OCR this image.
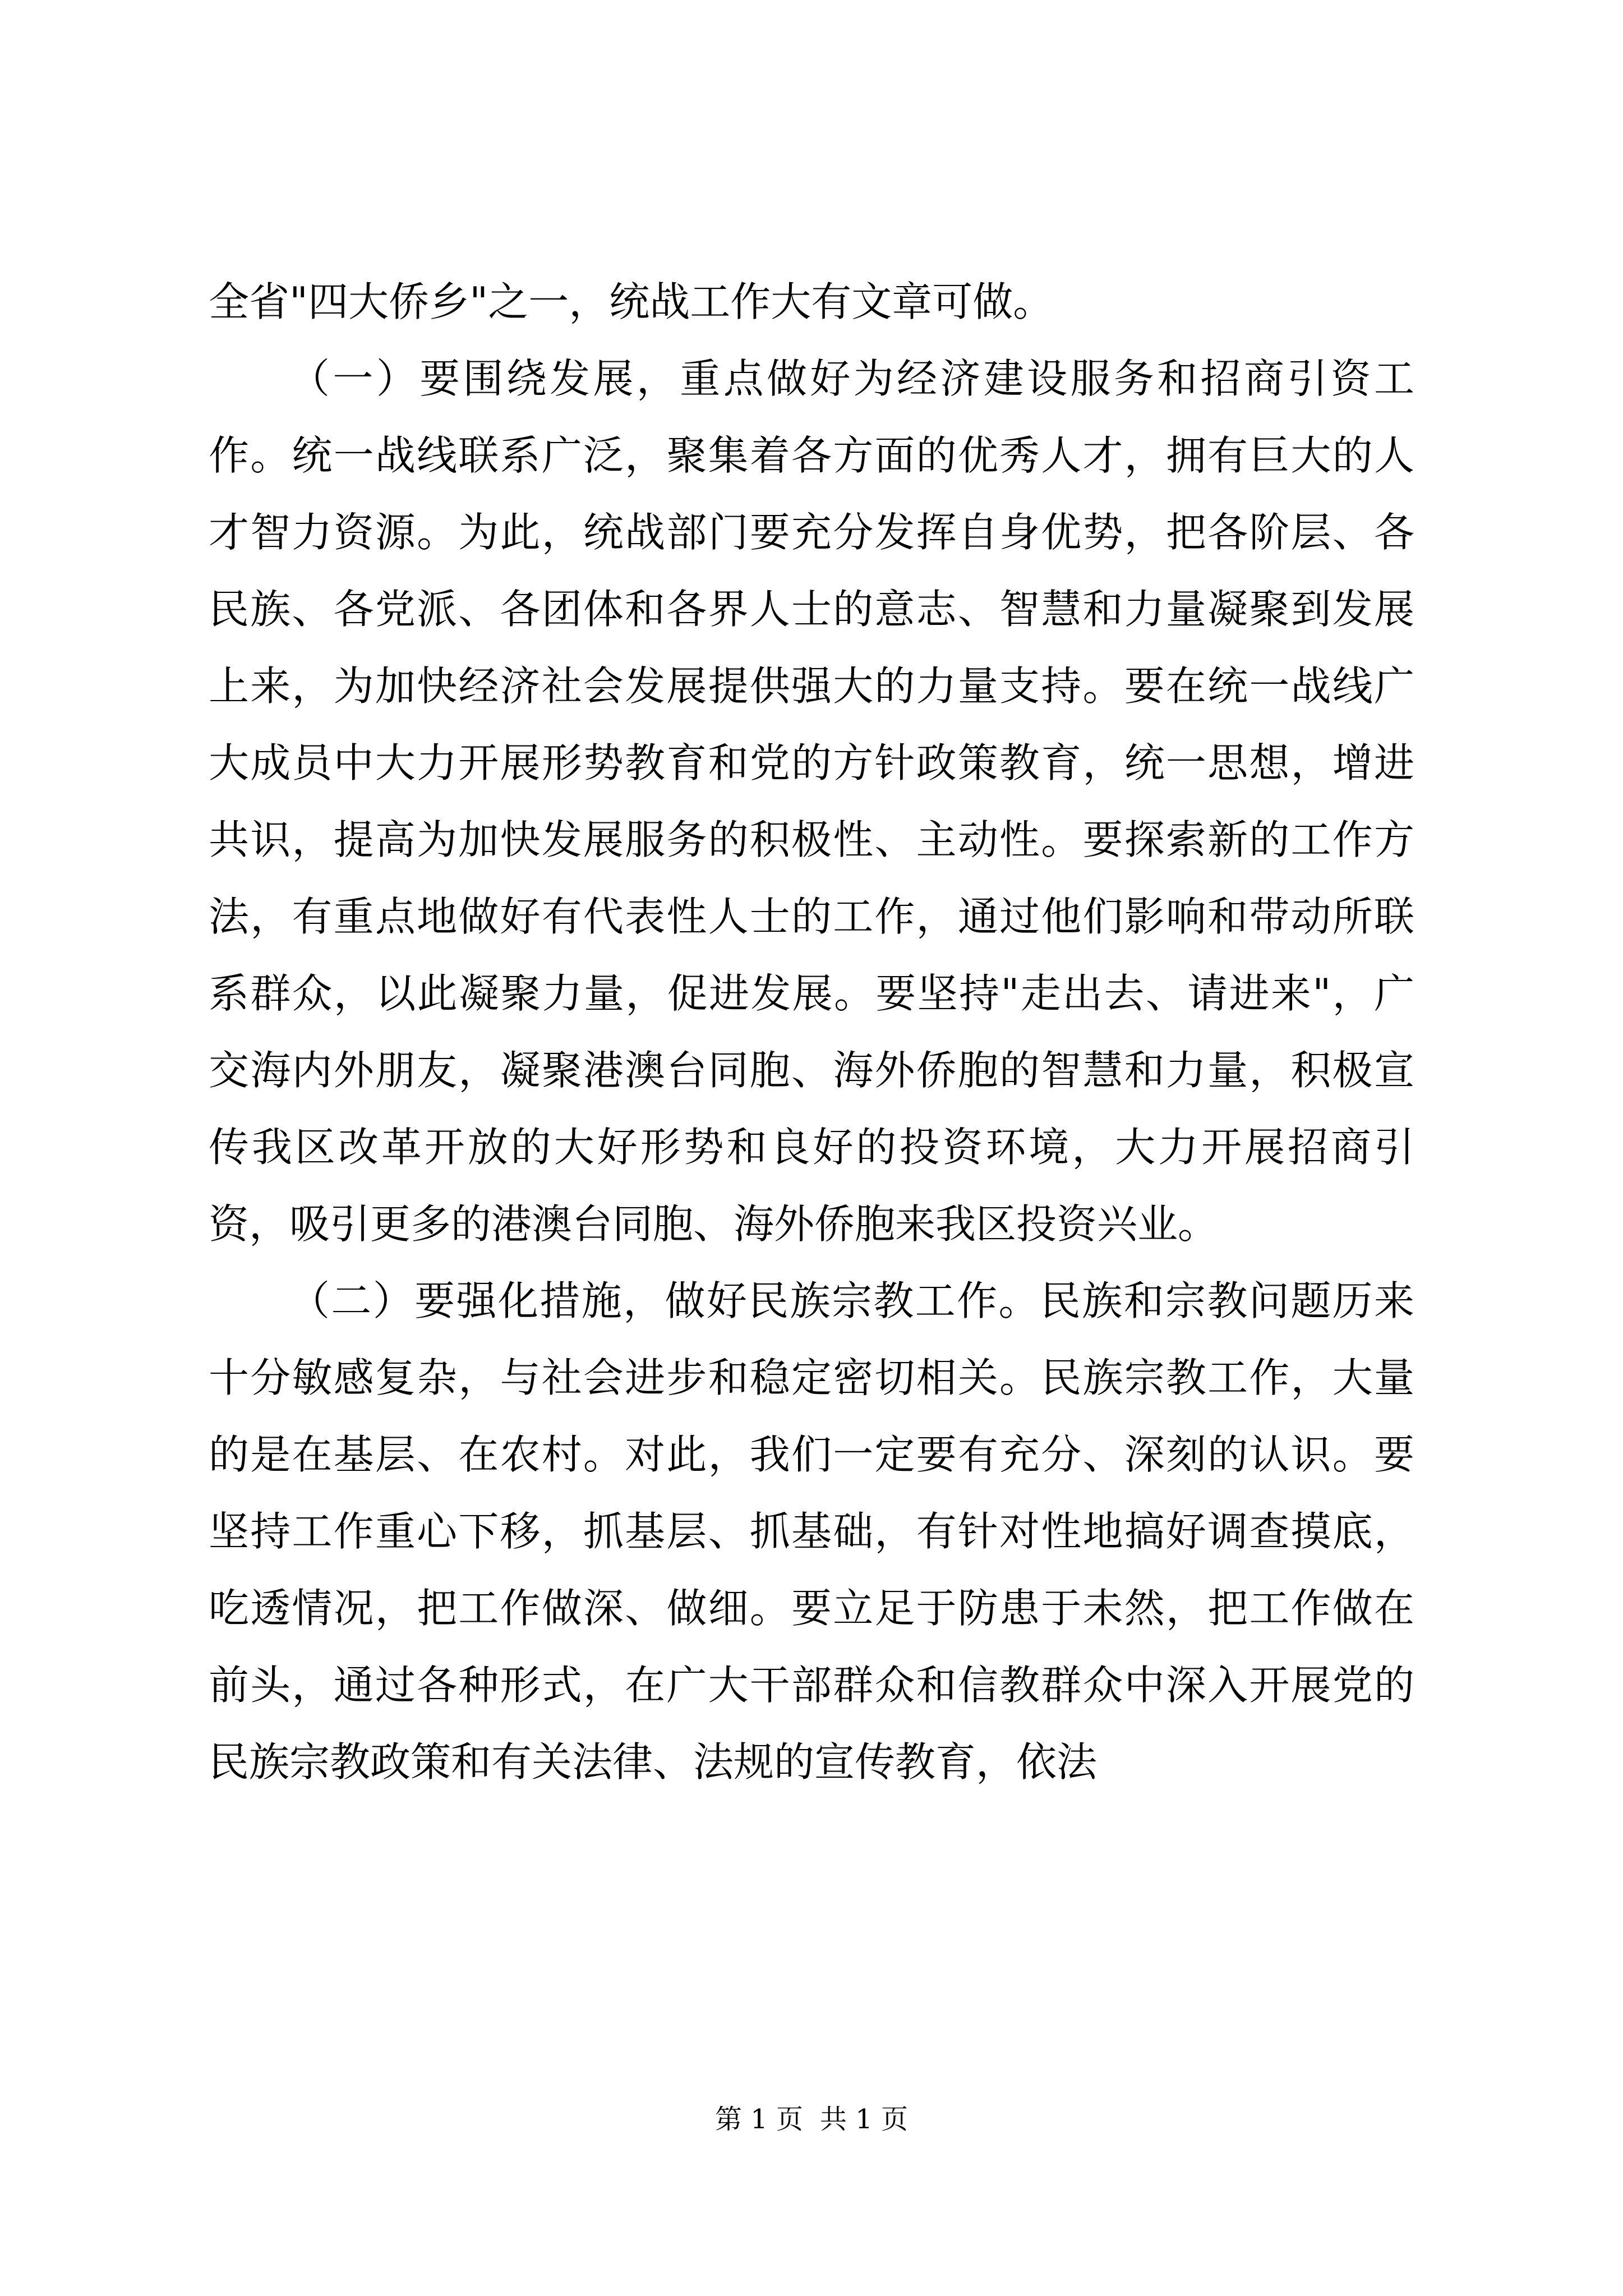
全省"四大侨乡"之一，统战工作大有文章可做。

（一）要围绕发展，重点做好为经济建设服务和招商引资工作。统一战线联系广泛，聚集着各方面的优秀人才，拥有巨大的人才智力资源。为此，统战部门要充分发挥自身优势，把各阶层、各民族、各党派、各团体和各界人士的意志、智慧和力量凝聚到发展上来，为加快经济社会发展提供强大的力量支持。要在统一战线广大成员中大力开展形势教育和党的方针政策教育，统一思想，增进共识，提高为加快发展服务的积极性、主动性。要探索新的工作方法，有重点地做好有代表性人士的工作，通过他们影响和带动所联系群众，以此凝聚力量，促进发展。要坚持"走出去、请进来"，广交海内外朋友，凝聚港澳台同胞、海外侨胞的智慧和力量，积极宣传我区改革开放的大好形势和良好的投资环境，大力开展招商引资，吸引更多的港澳台同胞、海外侨胞来我区投资兴业。

（二）要强化措施，做好民族宗教工作。民族和宗教问题历来十分敏感复杂，与社会进步和稳定密切相关。民族宗教工作，大量的是在基层、在农村。对此，我们一定要有充分、深刻的认识。要坚持工作重心下移，抓基层、抓基础，有针对性地搞好调查摸底，吃透情况，把工作做深、做细。要立足于防患于未然，把工作做在前头，通过各种形式，在广大干部群众和信教群众中深入开展党的民族宗教政策和有关法律、法规的宣传教育，依法

第 1 页 共 1 页
